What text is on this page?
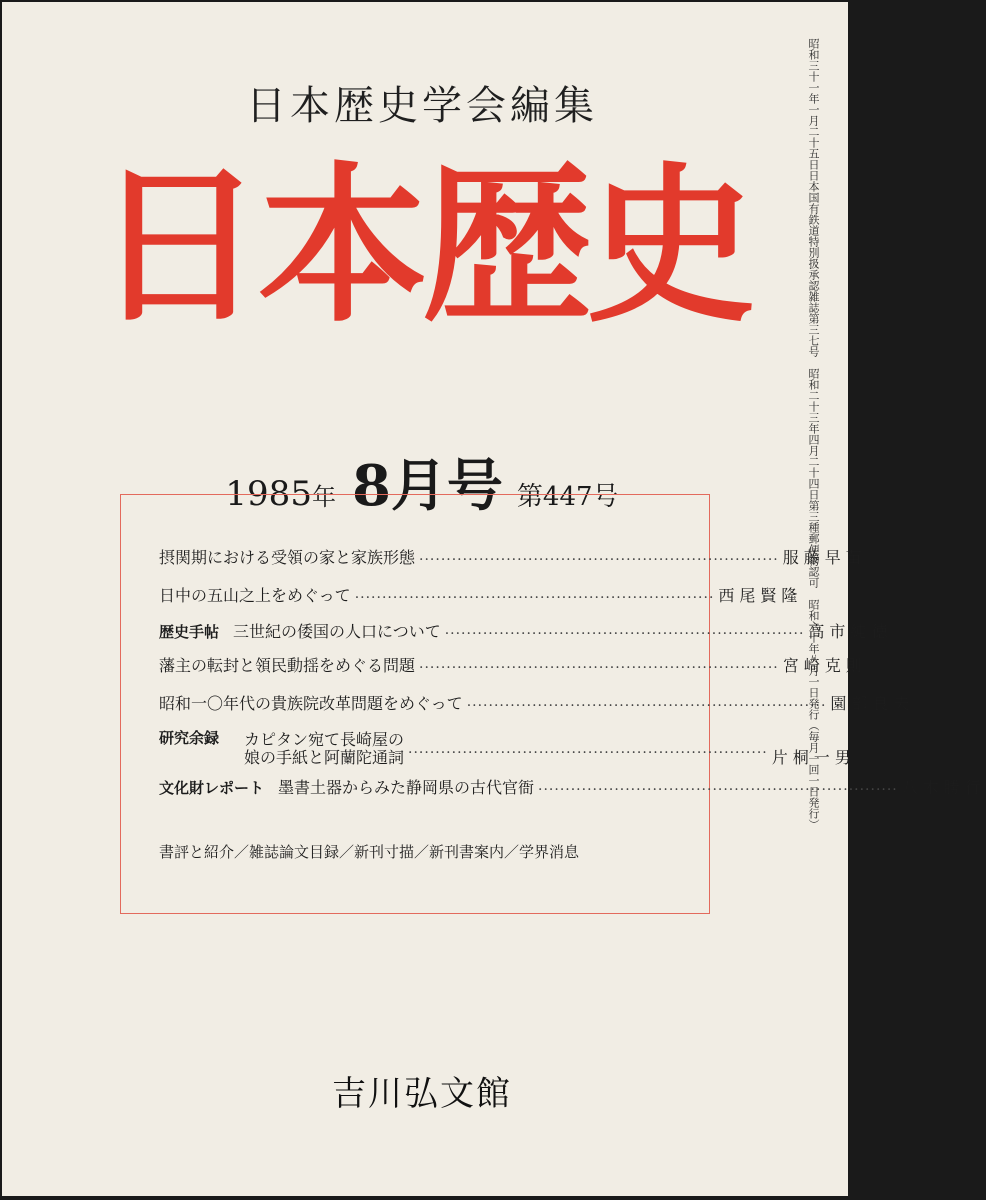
日本歴史学会編集
日本歴史
1985年 8月号 第447号
摂関期における受領の家と家族形態 ·································································· 服藤早苗
日中の五山之上をめぐって ·································································· 西尾賢隆
歴史手帖 三世紀の倭国の人口について ·································································· 高市純徳
藩主の転封と領民動揺をめぐる問題 ·································································· 宮崎克則
昭和一〇年代の貴族院改革問題をめぐって ·································································· 園部良夫
研究余録 カピタン宛て長崎屋の
娘の手紙と阿蘭陀通詞 ·································································· 片桐一男
文化財レポート 墨書土器からみた静岡県の古代官衙 ·································································· 八木勝行
書評と紹介／雑誌論文目録／新刊寸描／新刊書案内／学界消息
昭和三十一年一月二十五日日本国有鉄道特別扱承認雑誌第三七号　昭和二十三年四月二十四日第三種郵便物認可　昭和六十年八月一日発行（毎月一回一日発行）
吉川弘文館
